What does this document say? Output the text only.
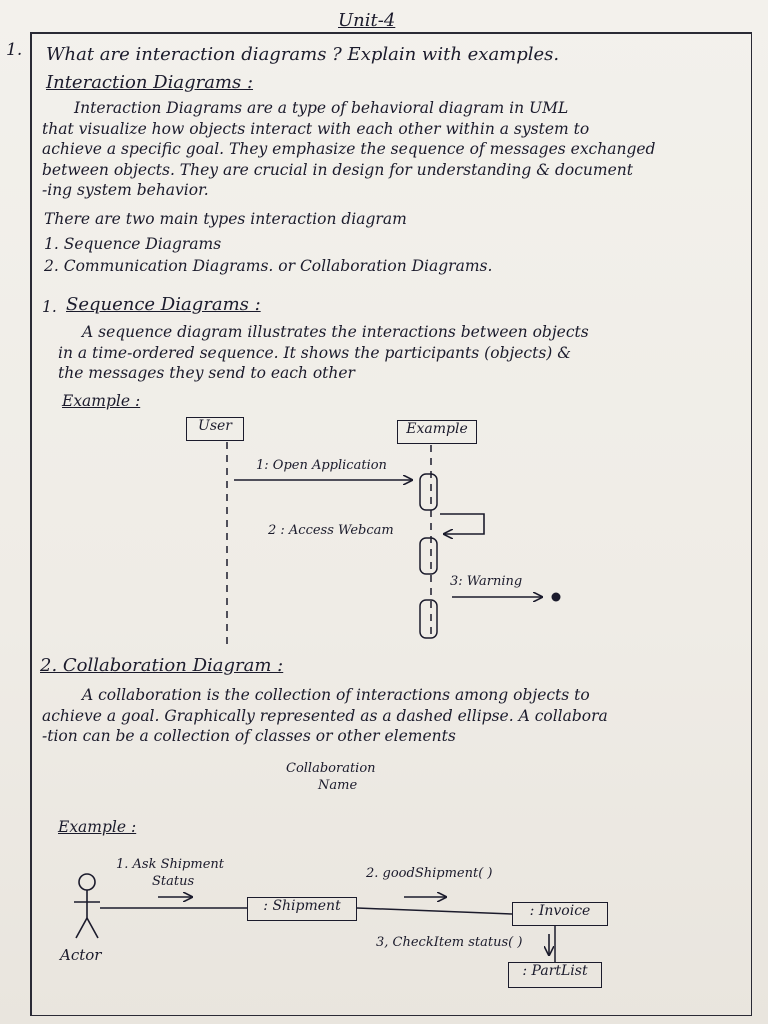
Unit-4
1. What are interaction diagrams ? Explain with examples.
Interaction Diagrams :
Interaction Diagrams are a type of behavioral diagram in UML
that visualize how objects interact with each other within a system to
achieve a specific goal. They emphasize the sequence of messages exchanged
between objects. They are crucial in design for understanding & document
-ing system behavior.
There are two main types interaction diagram
1. Sequence Diagrams
2. Communication Diagrams. or Collaboration Diagrams.
1. Sequence Diagrams :
A sequence diagram illustrates the interactions between objects
in a time-ordered sequence. It shows the participants (objects) &
the messages they send to each other
Example :
User	Example
1: Open Application
2 : Access Webcam
3: Warning
2. Collaboration Diagram :
A collaboration is the collection of interactions among objects to
achieve a goal. Graphically represented as a dashed ellipse. A collabora
-tion can be a collection of classes or other elements
Collaboration
Name
Example :
Actor
1. Ask Shipment
Status
2. goodShipment( )
3, CheckItem status( )
: Shipment	: Invoice
: PartList
